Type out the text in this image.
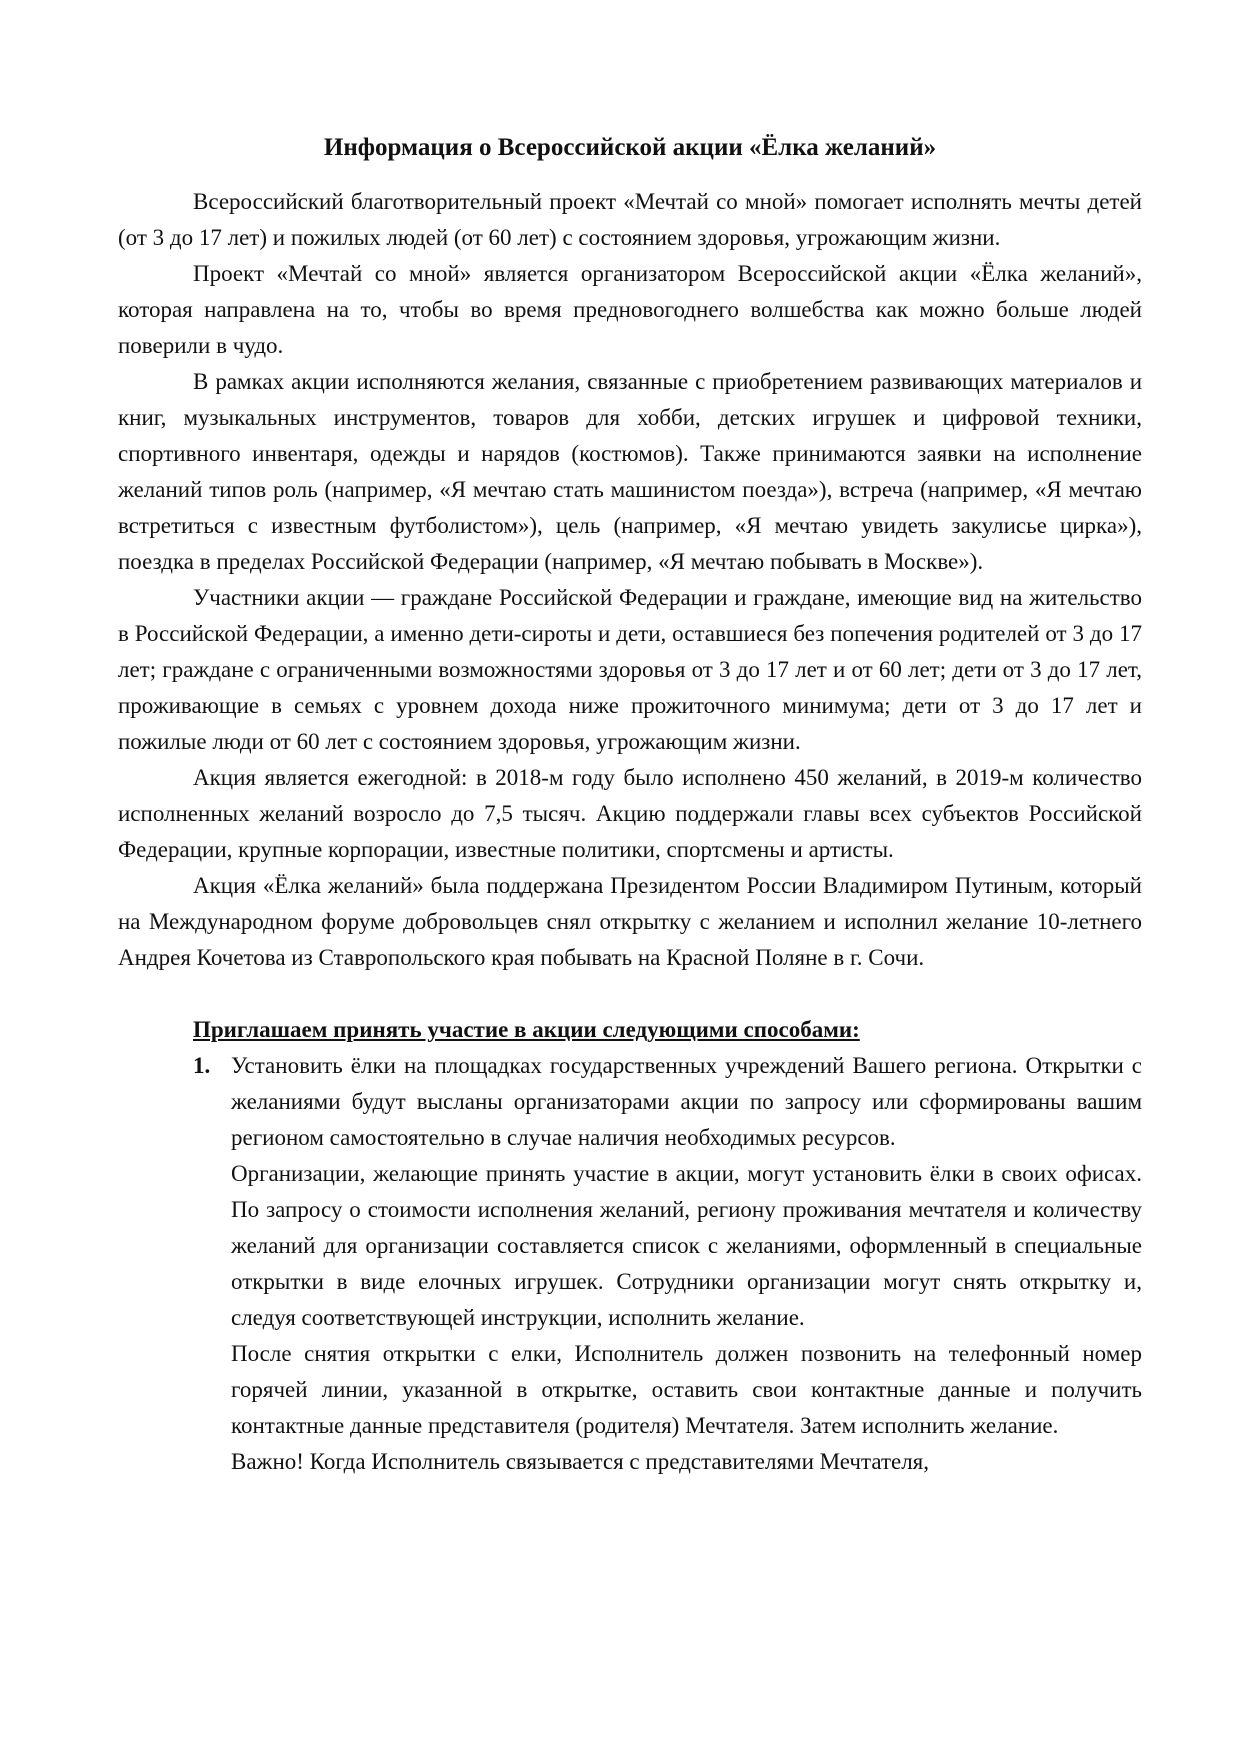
Информация о Всероссийской акции «Ёлка желаний»

Всероссийский благотворительный проект «Мечтай со мной» помогает исполнять мечты детей (от 3 до 17 лет) и пожилых людей (от 60 лет) с состоянием здоровья, угрожающим жизни.

Проект «Мечтай со мной» является организатором Всероссийской акции «Ёлка желаний», которая направлена на то, чтобы во время предновогоднего волшебства как можно больше людей поверили в чудо.

В рамках акции исполняются желания, связанные с приобретением развивающих материалов и книг, музыкальных инструментов, товаров для хобби, детских игрушек и цифровой техники, спортивного инвентаря, одежды и нарядов (костюмов). Также принимаются заявки на исполнение желаний типов роль (например, «Я мечтаю стать машинистом поезда»), встреча (например, «Я мечтаю встретиться с известным футболистом»), цель (например, «Я мечтаю увидеть закулисье цирка»), поездка в пределах Российской Федерации (например, «Я мечтаю побывать в Москве»).

Участники акции — граждане Российской Федерации и граждане, имеющие вид на жительство в Российской Федерации, а именно дети-сироты и дети, оставшиеся без попечения родителей от 3 до 17 лет; граждане с ограниченными возможностями здоровья от 3 до 17 лет и от 60 лет; дети от 3 до 17 лет, проживающие в семьях с уровнем дохода ниже прожиточного минимума; дети от 3 до 17 лет и пожилые люди от 60 лет с состоянием здоровья, угрожающим жизни.

Акция является ежегодной: в 2018-м году было исполнено 450 желаний, в 2019-м количество исполненных желаний возросло до 7,5 тысяч. Акцию поддержали главы всех субъектов Российской Федерации, крупные корпорации, известные политики, спортсмены и артисты.

Акция «Ёлка желаний» была поддержана Президентом России Владимиром Путиным, который на Международном форуме добровольцев снял открытку с желанием и исполнил желание 10-летнего Андрея Кочетова из Ставропольского края побывать на Красной Поляне в г. Сочи.

Приглашаем принять участие в акции следующими способами:

1. Установить ёлки на площадках государственных учреждений Вашего региона. Открытки с желаниями будут высланы организаторами акции по запросу или сформированы вашим регионом самостоятельно в случае наличия необходимых ресурсов.

Организации, желающие принять участие в акции, могут установить ёлки в своих офисах. По запросу о стоимости исполнения желаний, региону проживания мечтателя и количеству желаний для организации составляется список с желаниями, оформленный в специальные открытки в виде елочных игрушек. Сотрудники организации могут снять открытку и, следуя соответствующей инструкции, исполнить желание.

После снятия открытки с елки, Исполнитель должен позвонить на телефонный номер горячей линии, указанной в открытке, оставить свои контактные данные и получить контактные данные представителя (родителя) Мечтателя. Затем исполнить желание.

Важно! Когда Исполнитель связывается с представителями Мечтателя,
